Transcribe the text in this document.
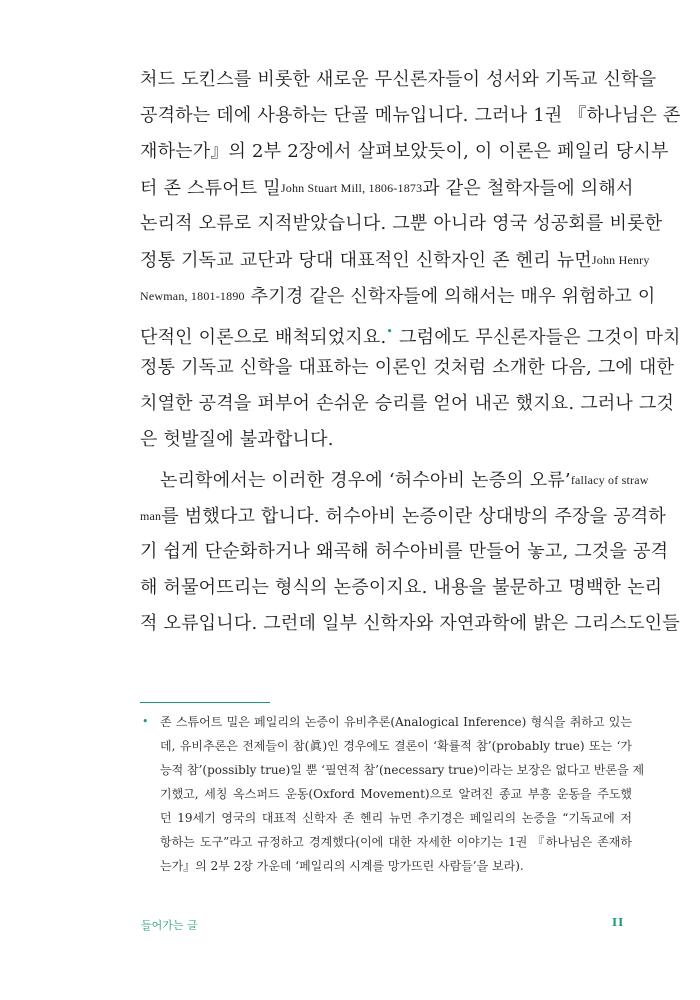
처드 도킨스를 비롯한 새로운 무신론자들이 성서와 기독교 신학을
공격하는 데에 사용하는 단골 메뉴입니다. 그러나 1권 『하나님은 존
재하는가』의 2부 2장에서 살펴보았듯이, 이 이론은 페일리 당시부
터 존 스튜어트 밀John Stuart Mill, 1806-1873과 같은 철학자들에 의해서
논리적 오류로 지적받았습니다. 그뿐 아니라 영국 성공회를 비롯한
정통 기독교 교단과 당대 대표적인 신학자인 존 헨리 뉴먼John Henry
Newman, 1801-1890 추기경 같은 신학자들에 의해서는 매우 위험하고 이
단적인 이론으로 배척되었지요.• 그럼에도 무신론자들은 그것이 마치
정통 기독교 신학을 대표하는 이론인 것처럼 소개한 다음, 그에 대한
치열한 공격을 퍼부어 손쉬운 승리를 얻어 내곤 했지요. 그러나 그것
은 헛발질에 불과합니다.
논리학에서는 이러한 경우에 ‘허수아비 논증의 오류’fallacy of straw
man를 범했다고 합니다. 허수아비 논증이란 상대방의 주장을 공격하
기 쉽게 단순화하거나 왜곡해 허수아비를 만들어 놓고, 그것을 공격
해 허물어뜨리는 형식의 논증이지요. 내용을 불문하고 명백한 논리
적 오류입니다. 그런데 일부 신학자와 자연과학에 밝은 그리스도인들
• 존 스튜어트 밀은 페일리의 논증이 유비추론(Analogical Inference) 형식을 취하고 있는
데, 유비추론은 전제들이 참(眞)인 경우에도 결론이 ‘확률적 참’(probably true) 또는 ‘가
능적 참’(possibly true)일 뿐 ‘필연적 참’(necessary true)이라는 보장은 없다고 반론을 제
기했고, 세칭 옥스퍼드 운동(Oxford Movement)으로 알려진 종교 부흥 운동을 주도했
던 19세기 영국의 대표적 신학자 존 헨리 뉴먼 추기경은 페일리의 논증을 “기독교에 저
항하는 도구”라고 규정하고 경계했다(이에 대한 자세한 이야기는 1권 『하나님은 존재하
는가』의 2부 2장 가운데 ‘페일리의 시계를 망가뜨린 사람들’을 보라).
들어가는 글	II
